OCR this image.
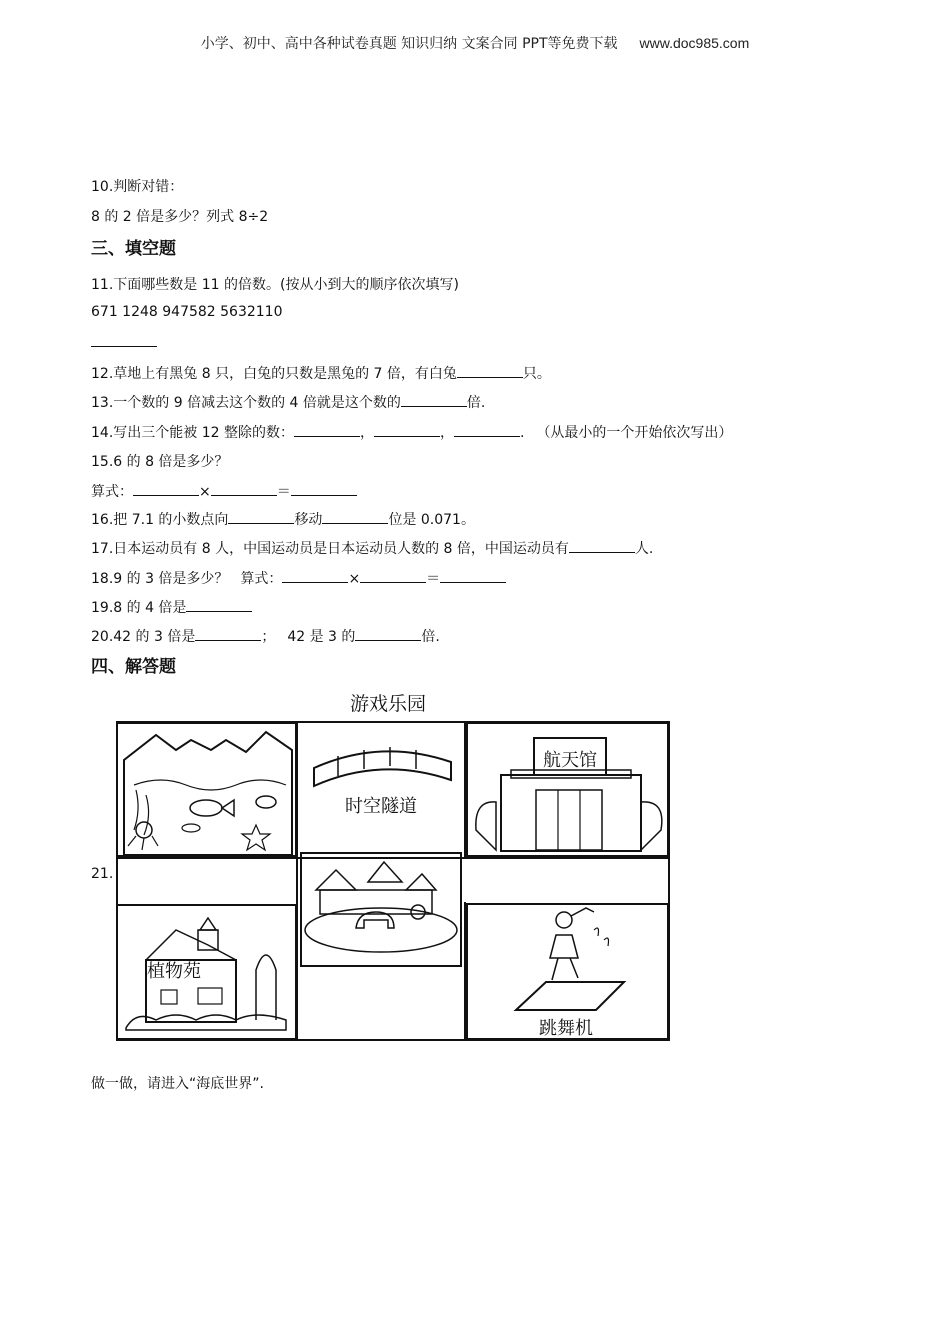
小学、初中、高中各种试卷真题 知识归纳 文案合同 PPT等免费下载 www.doc985.com
10.判断对错：
8 的 2 倍是多少？列式 8÷2
三、填空题
11.下面哪些数是 11 的倍数。(按从小到大的顺序依次填写)
671 1248 947582 5632110
12.草地上有黑兔 8 只，白兔的只数是黑兔的 7 倍，有白兔	只。
13.一个数的 9 倍减去这个数的 4 倍就是这个数的	倍.
14.写出三个能被 12 整除的数：	，	，	. （从最小的一个开始依次写出）
15.6 的 8 倍是多少？
算式：	×	＝
16.把 7.1 的小数点向	移动	位是 0.071。
17.日本运动员有 8 人，中国运动员是日本运动员人数的 8 倍，中国运动员有	人.
18.9 的 3 倍是多少？ 算式：	×	＝
19.8 的 4 倍是
20.42 的 3 倍是	； 42 是 3 的	倍.
四、解答题
21.
游戏乐园
时空隧道
航天馆
植物苑
跳舞机
做一做，请进入“海底世界”.
